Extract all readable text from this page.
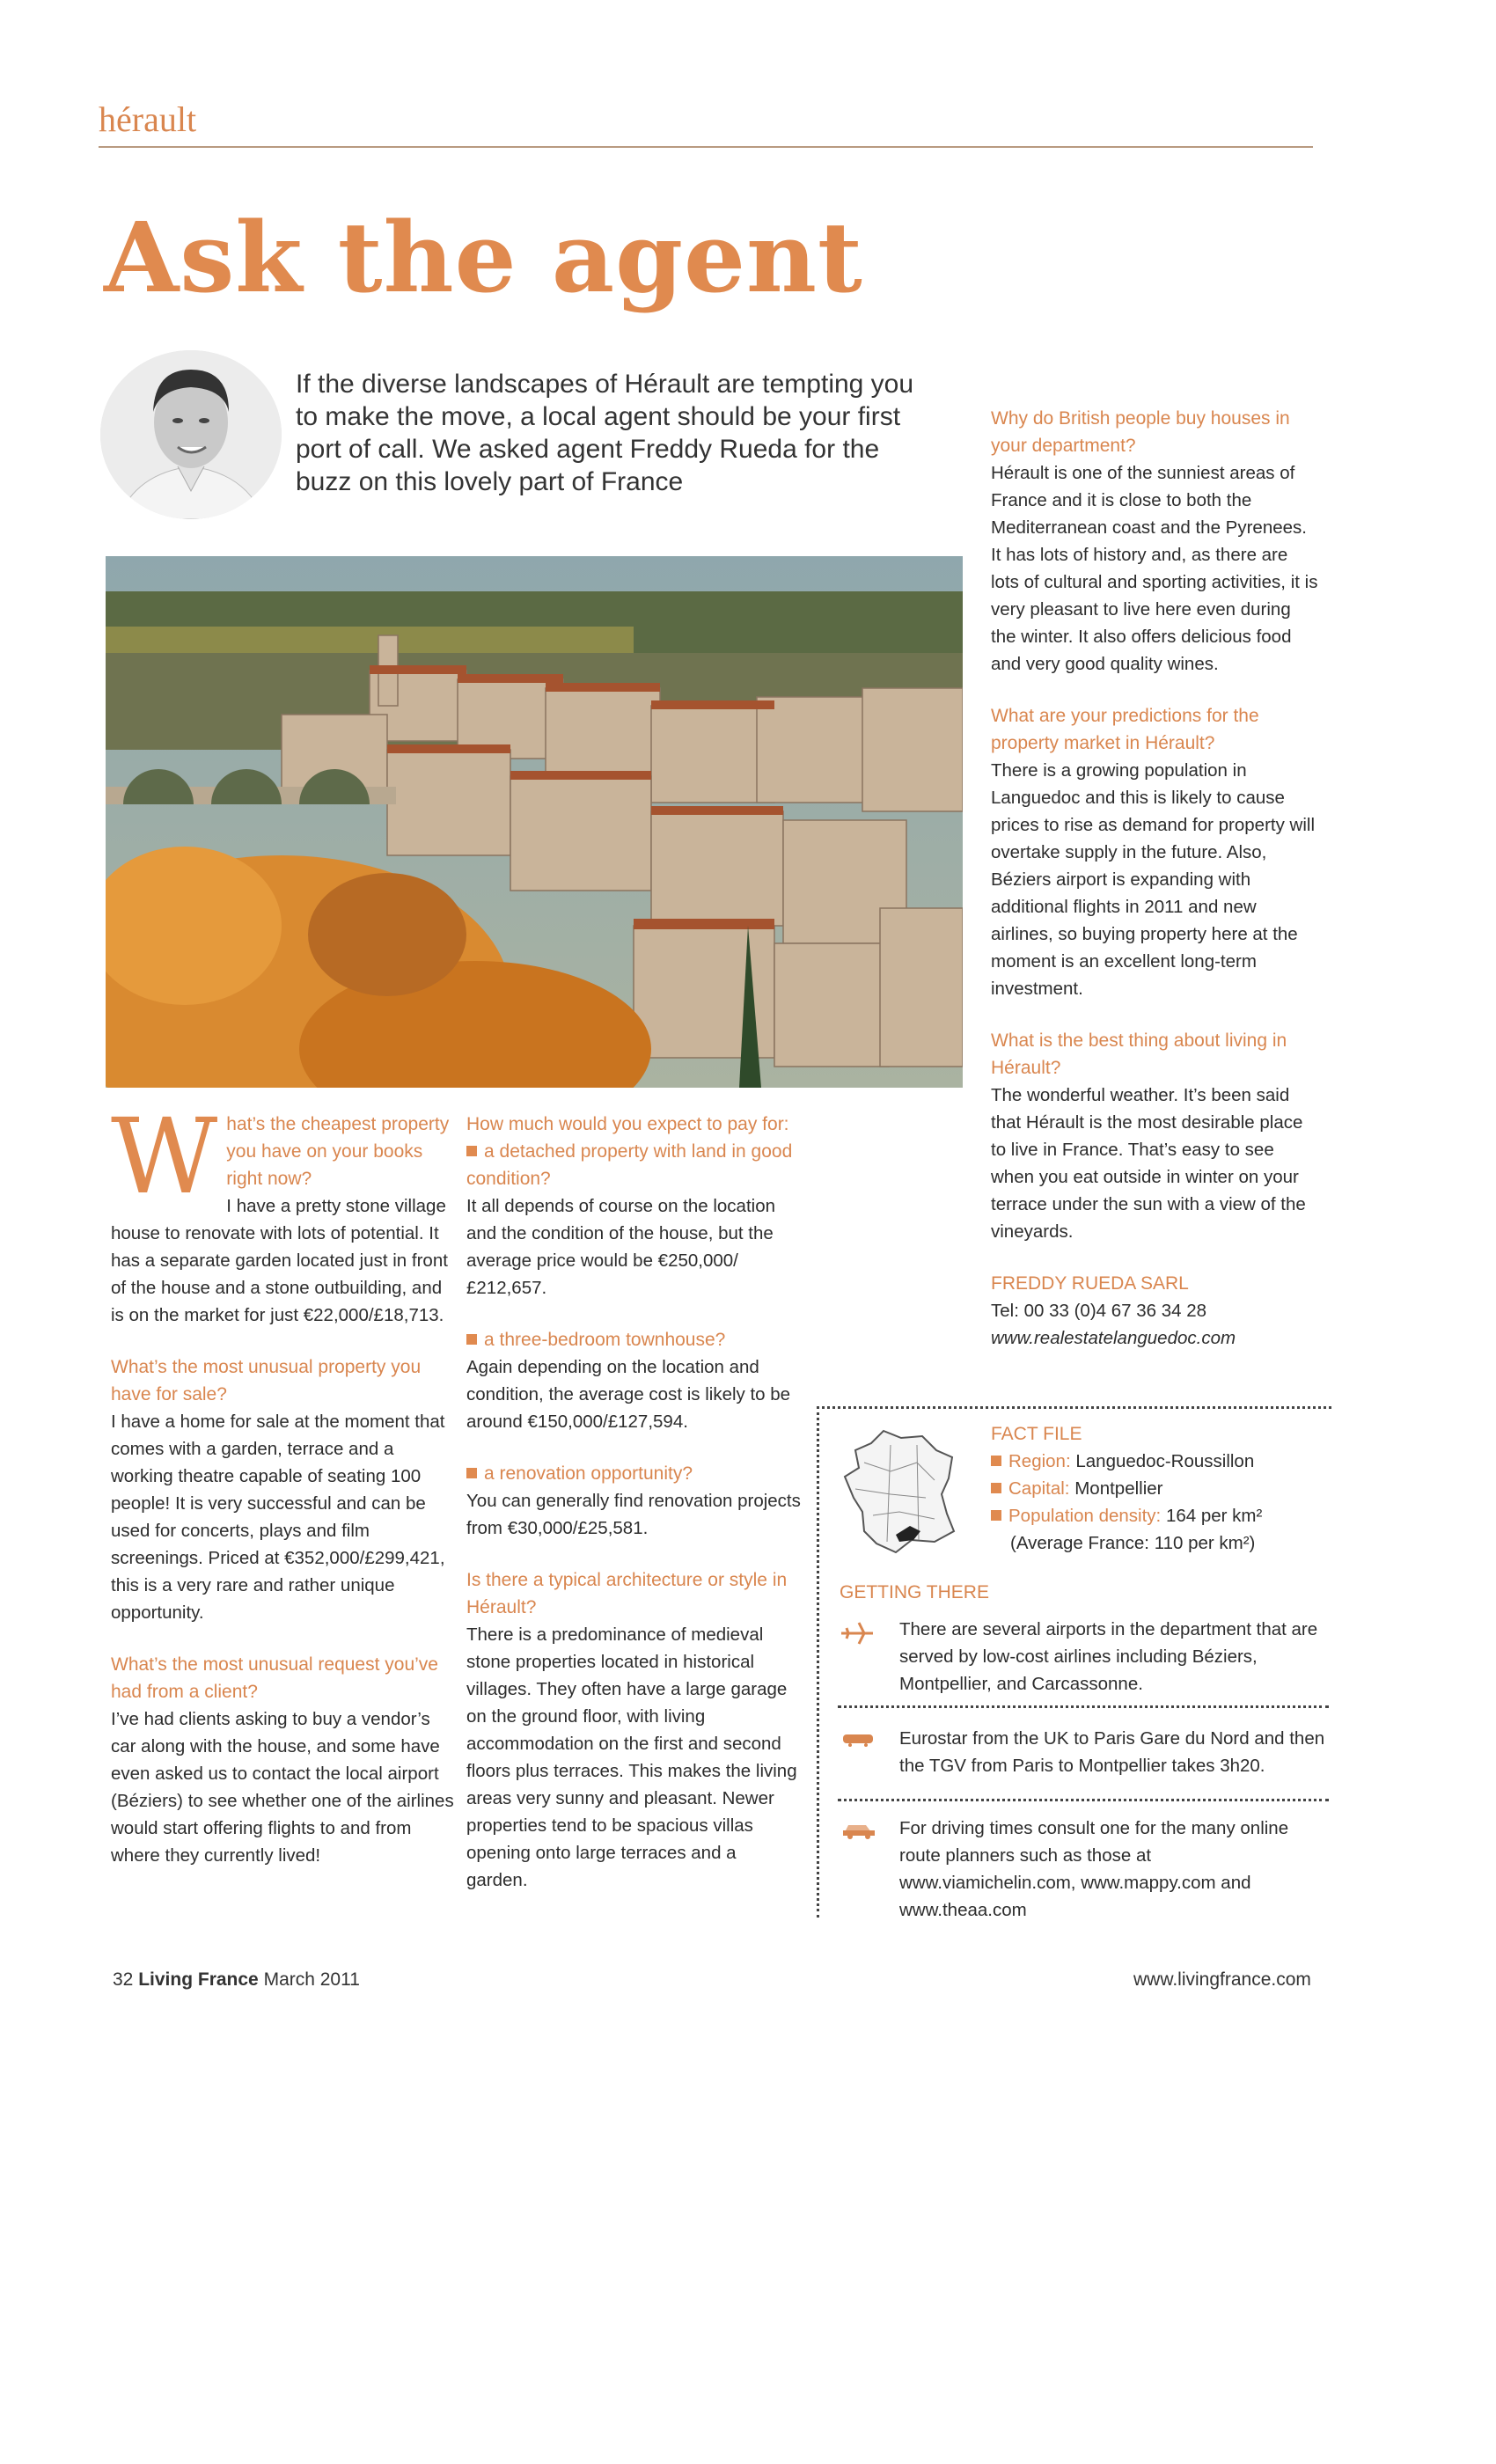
hérault
Ask the agent
If the diverse landscapes of Hérault are tempting you to make the move, a local agent should be your first port of call. We asked agent Freddy Rueda for the buzz on this lovely part of France
W hat’s the cheapest property you have on your books right now?
I have a pretty stone village house to renovate with lots of potential. It has a separate garden located just in front of the house and a stone outbuilding, and is on the market for just €22,000/£18,713.

What’s the most unusual property you have for sale?

I have a home for sale at the moment that comes with a garden, terrace and a working theatre capable of seating 100 people! It is very successful and can be used for concerts, plays and film screenings. Priced at €352,000/£299,421, this is a very rare and rather unique opportunity.

What’s the most unusual request you’ve had from a client?

I’ve had clients asking to buy a vendor’s car along with the house, and some have even asked us to contact the local airport (Béziers) to see whether one of the airlines would start offering flights to and from where they currently lived!

How much would you expect to pay for:

a detached property with land in good condition?

It all depends of course on the location and the condition of the house, but the average price would be €250,000/£212,657.

a three-bedroom townhouse?

Again depending on the location and condition, the average cost is likely to be around €150,000/£127,594.

a renovation opportunity?

You can generally find renovation projects from €30,000/£25,581.

Is there a typical architecture or style in Hérault?

There is a predominance of medieval stone properties located in historical villages. They often have a large garage on the ground floor, with living accommodation on the first and second floors plus terraces. This makes the living areas very sunny and pleasant. Newer properties tend to be spacious villas opening onto large terraces and a garden.

Why do British people buy houses in your department?

Hérault is one of the sunniest areas of France and it is close to both the Mediterranean coast and the Pyrenees. It has lots of history and, as there are lots of cultural and sporting activities, it is very pleasant to live here even during the winter. It also offers delicious food and very good quality wines.

What are your predictions for the property market in Hérault?

There is a growing population in Languedoc and this is likely to cause prices to rise as demand for property will overtake supply in the future. Also, Béziers airport is expanding with additional flights in 2011 and new airlines, so buying property here at the moment is an excellent long-term investment.

What is the best thing about living in Hérault?

The wonderful weather. It’s been said that Hérault is the most desirable place to live in France. That’s easy to see when you eat outside in winter on your terrace under the sun with a view of the vineyards.

FREDDY RUEDA SARL

Tel: 00 33 (0)4 67 36 34 28

www.realestatelanguedoc.com

FACT FILE

Region: Languedoc-Roussillon

Capital: Montpellier

Population density: 164 per km²

(Average France: 110 per km²)

GETTING THERE
There are several airports in the department that are served by low-cost airlines including Béziers, Montpellier, and Carcassonne.
Eurostar from the UK to Paris Gare du Nord and then the TGV from Paris to Montpellier takes 3h20.
For driving times consult one for the many online route planners such as those at www.viamichelin.com, www.mappy.com and www.theaa.com
32 Living France March 2011	www.livingfrance.com
